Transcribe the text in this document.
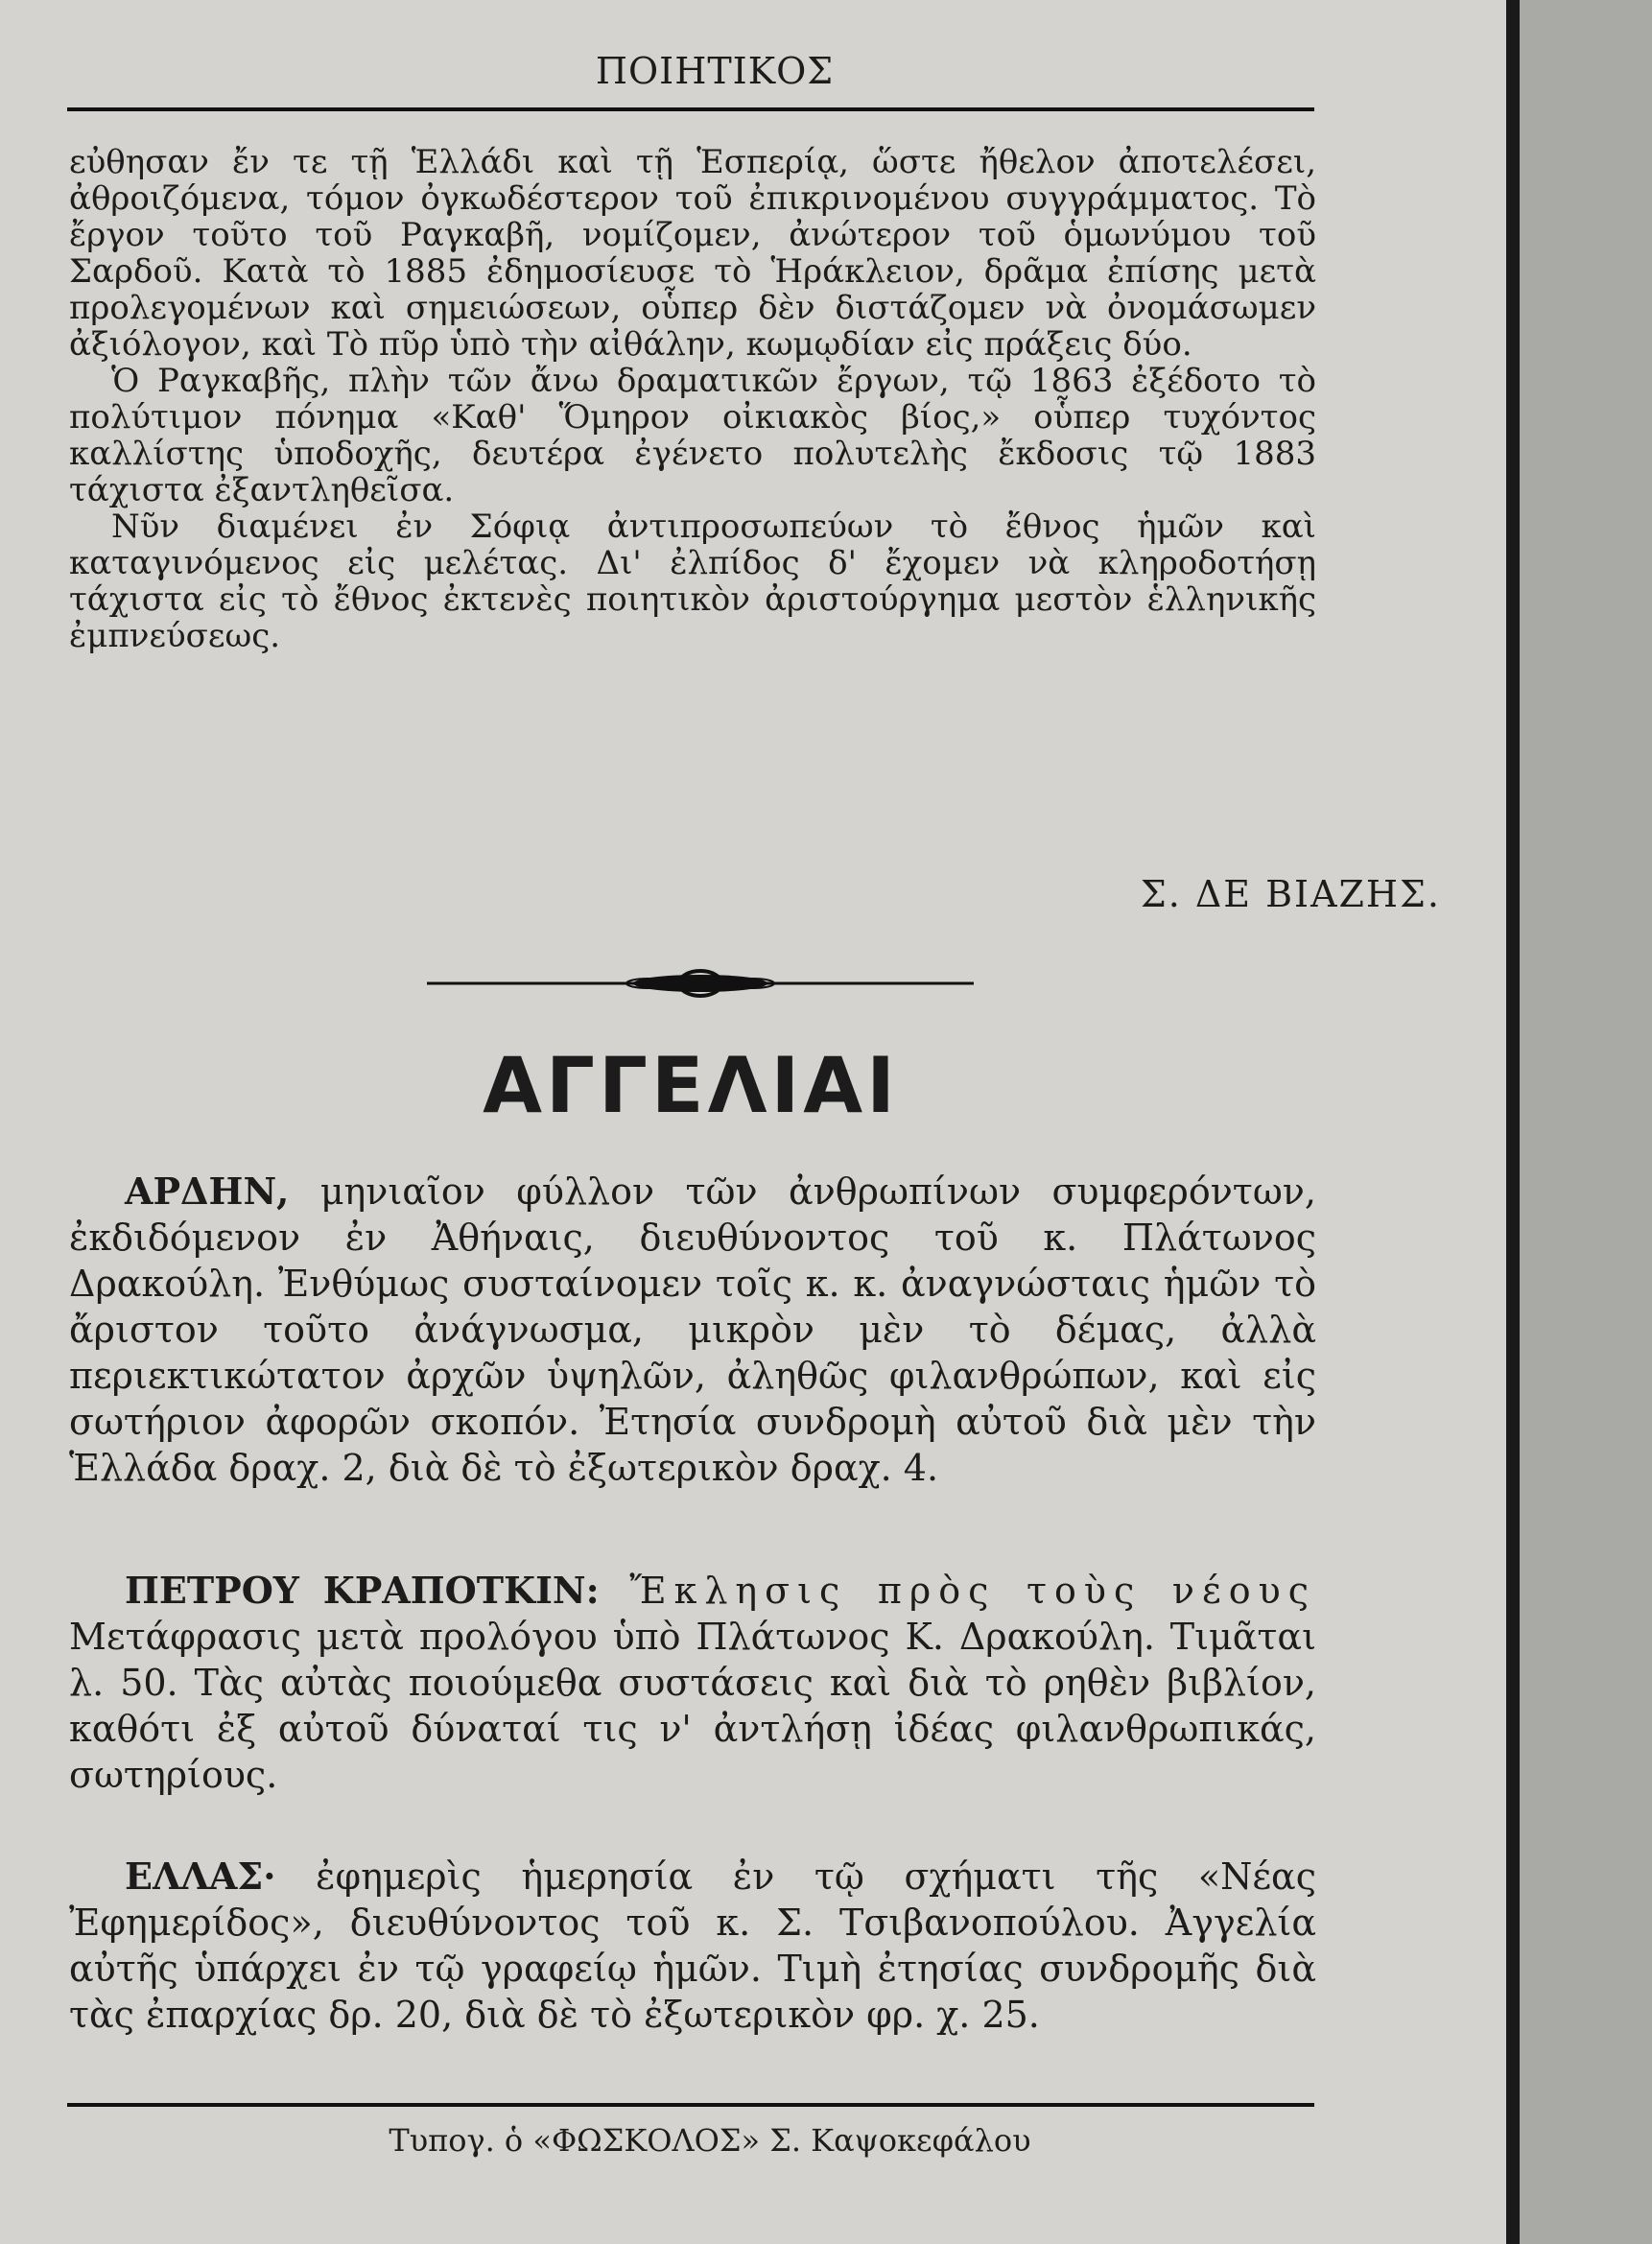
ΠΟΙΗΤΙΚΟΣ

εὐθησαν ἔν τε τῇ Ἑλλάδι καὶ τῇ Ἑσπερίᾳ, ὥστε ἤθελον ἀποτελέσει, ἀθροιζόμενα, τόμον ὀγκωδέστερον τοῦ ἐπικρινομένου συγγράμματος. Τὸ ἔργον τοῦτο τοῦ Ραγκαβῆ, νομίζομεν, ἀνώτερον τοῦ ὁμωνύμου τοῦ Σαρδοῦ. Κατὰ τὸ 1885 ἐδημοσίευσε τὸ Ἡράκλειον, δρᾶμα ἐπίσης μετὰ προλεγομένων καὶ σημειώσεων, οὗπερ δὲν διστάζομεν νὰ ὀνομάσωμεν ἀξιόλογον, καὶ Τὸ πῦρ ὑπὸ τὴν αἰθάλην, κωμῳδίαν εἰς πράξεις δύο.

Ὁ Ραγκαβῆς, πλὴν τῶν ἄνω δραματικῶν ἔργων, τῷ 1863 ἐξέδοτο τὸ πολύτιμον πόνημα «Καθ' Ὅμηρον οἰκιακὸς βίος,» οὗπερ τυχόντος καλλίστης ὑποδοχῆς, δευτέρα ἐγένετο πολυτελὴς ἔκδοσις τῷ 1883 τάχιστα ἐξαντληθεῖσα.

Νῦν διαμένει ἐν Σόφιᾳ ἀντιπροσωπεύων τὸ ἔθνος ἡμῶν καὶ καταγινόμενος εἰς μελέτας. Δι' ἐλπίδος δ' ἔχομεν νὰ κληροδοτήσῃ τάχιστα εἰς τὸ ἔθνος ἐκτενὲς ποιητικὸν ἀριστούργημα μεστὸν ἑλληνικῆς ἐμπνεύσεως.

Σ. ΔΕ ΒΙΑΖΗΣ.
ΑΓΓΕΛΙΑΙ

ΑΡΔΗΝ, μηνιαῖον φύλλον τῶν ἀνθρωπίνων συμφερόντων, ἐκδιδόμενον ἐν Ἀθήναις, διευθύνοντος τοῦ κ. Πλάτωνος Δρακούλη. Ἐνθύμως συσταίνομεν τοῖς κ. κ. ἀναγνώσταις ἡμῶν τὸ ἄριστον τοῦτο ἀνάγνωσμα, μικρὸν μὲν τὸ δέμας, ἀλλὰ περιεκτικώτατον ἀρχῶν ὑψηλῶν, ἀληθῶς φιλανθρώπων, καὶ εἰς σωτήριον ἀφορῶν σκοπόν. Ἐτησία συνδρομὴ αὐτοῦ διὰ μὲν τὴν Ἑλλάδα δραχ. 2, διὰ δὲ τὸ ἐξωτερικὸν δραχ. 4.

ΠΕΤΡΟΥ ΚΡΑΠΟΤΚΙΝ: Ἔκλησις πρὸς τοὺς νέους Μετάφρασις μετὰ προλόγου ὑπὸ Πλάτωνος Κ. Δρακούλη. Τιμᾶται λ. 50. Τὰς αὐτὰς ποιούμεθα συστάσεις καὶ διὰ τὸ ρηθὲν βιβλίον, καθότι ἐξ αὐτοῦ δύναταί τις ν' ἀντλήσῃ ἰδέας φιλανθρωπικάς, σωτηρίους.

ΕΛΛΑΣ· ἐφημερὶς ἡμερησία ἐν τῷ σχήματι τῆς «Νέας Ἐφημερίδος», διευθύνοντος τοῦ κ. Σ. Τσιβανοπούλου. Ἀγγελία αὐτῆς ὑπάρχει ἐν τῷ γραφείῳ ἡμῶν. Τιμὴ ἐτησίας συνδρομῆς διὰ τὰς ἐπαρχίας δρ. 20, διὰ δὲ τὸ ἐξωτερικὸν φρ. χ. 25.

Τυπογ. ὁ «ΦΩΣΚΟΛΟΣ» Σ. Καψοκεφάλου
